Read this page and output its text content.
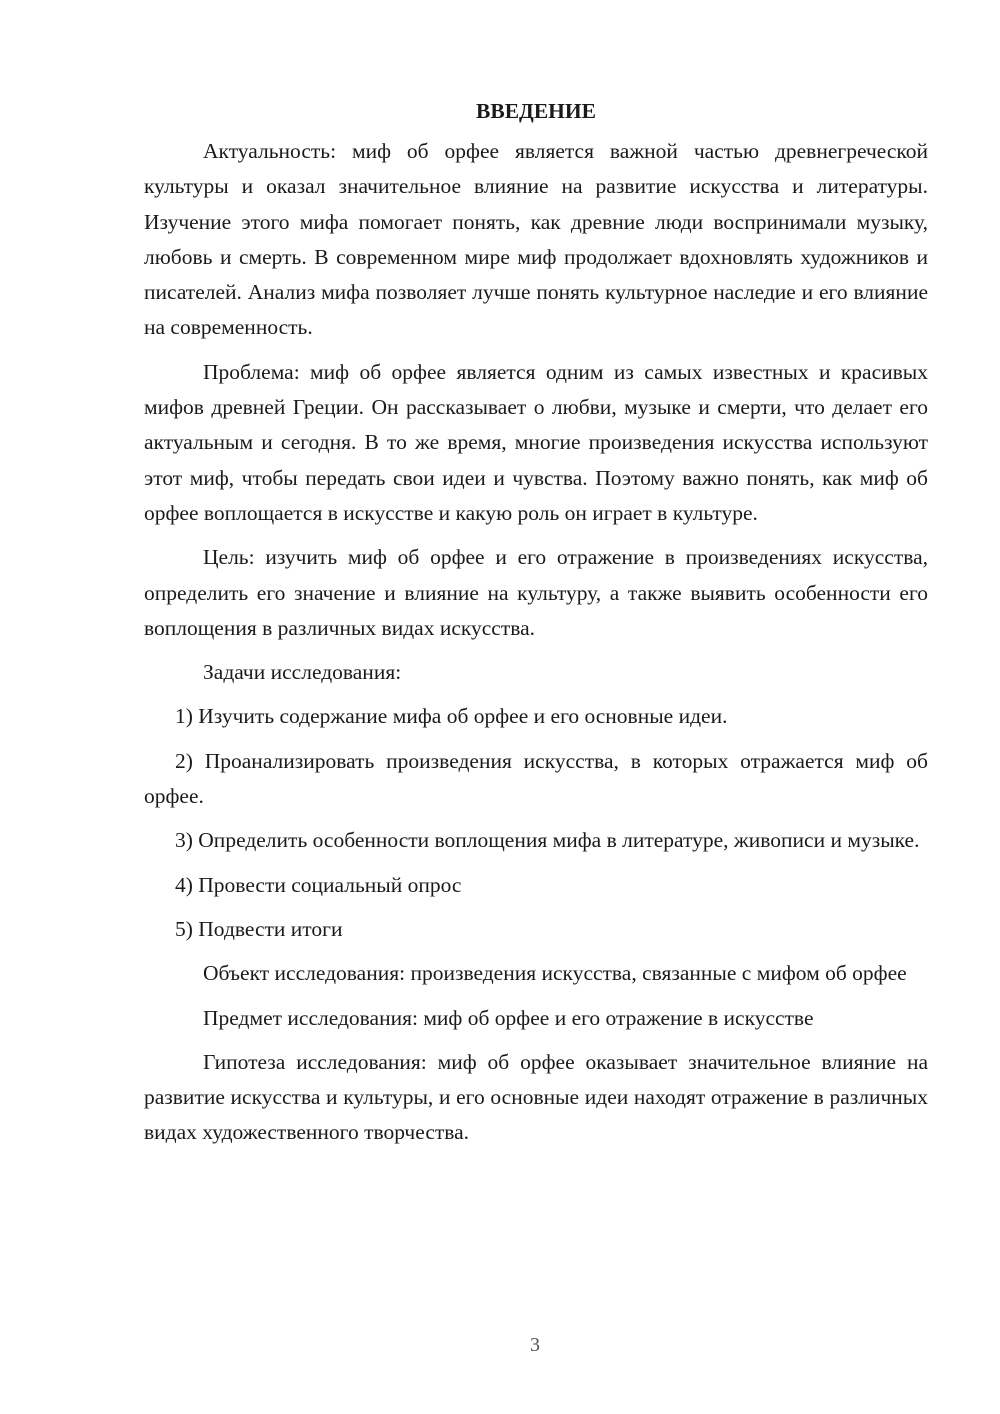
ВВЕДЕНИЕ

Актуальность: миф об орфее является важной частью древнегреческой культуры и оказал значительное влияние на развитие искусства и литературы. Изучение этого мифа помогает понять, как древние люди воспринимали музыку, любовь и смерть. В современном мире миф продолжает вдохновлять художников и писателей. Анализ мифа позволяет лучше понять культурное наследие и его влияние на современность.

Проблема: миф об орфее является одним из самых известных и красивых мифов древней Греции. Он рассказывает о любви, музыке и смерти, что делает его актуальным и сегодня. В то же время, многие произведения искусства используют этот миф, чтобы передать свои идеи и чувства. Поэтому важно понять, как миф об орфее воплощается в искусстве и какую роль он играет в культуре.

Цель: изучить миф об орфее и его отражение в произведениях искусства, определить его значение и влияние на культуру, а также выявить особенности его воплощения в различных видах искусства.

Задачи исследования:

1) Изучить содержание мифа об орфее и его основные идеи.

2) Проанализировать произведения искусства, в которых отражается миф об орфее.

3) Определить особенности воплощения мифа в литературе, живописи и музыке.

4) Провести социальный опрос

5) Подвести итоги

Объект исследования: произведения искусства, связанные с мифом об орфее

Предмет исследования: миф об орфее и его отражение в искусстве

Гипотеза исследования: миф об орфее оказывает значительное влияние на развитие искусства и культуры, и его основные идеи находят отражение в различных видах художественного творчества.

3
